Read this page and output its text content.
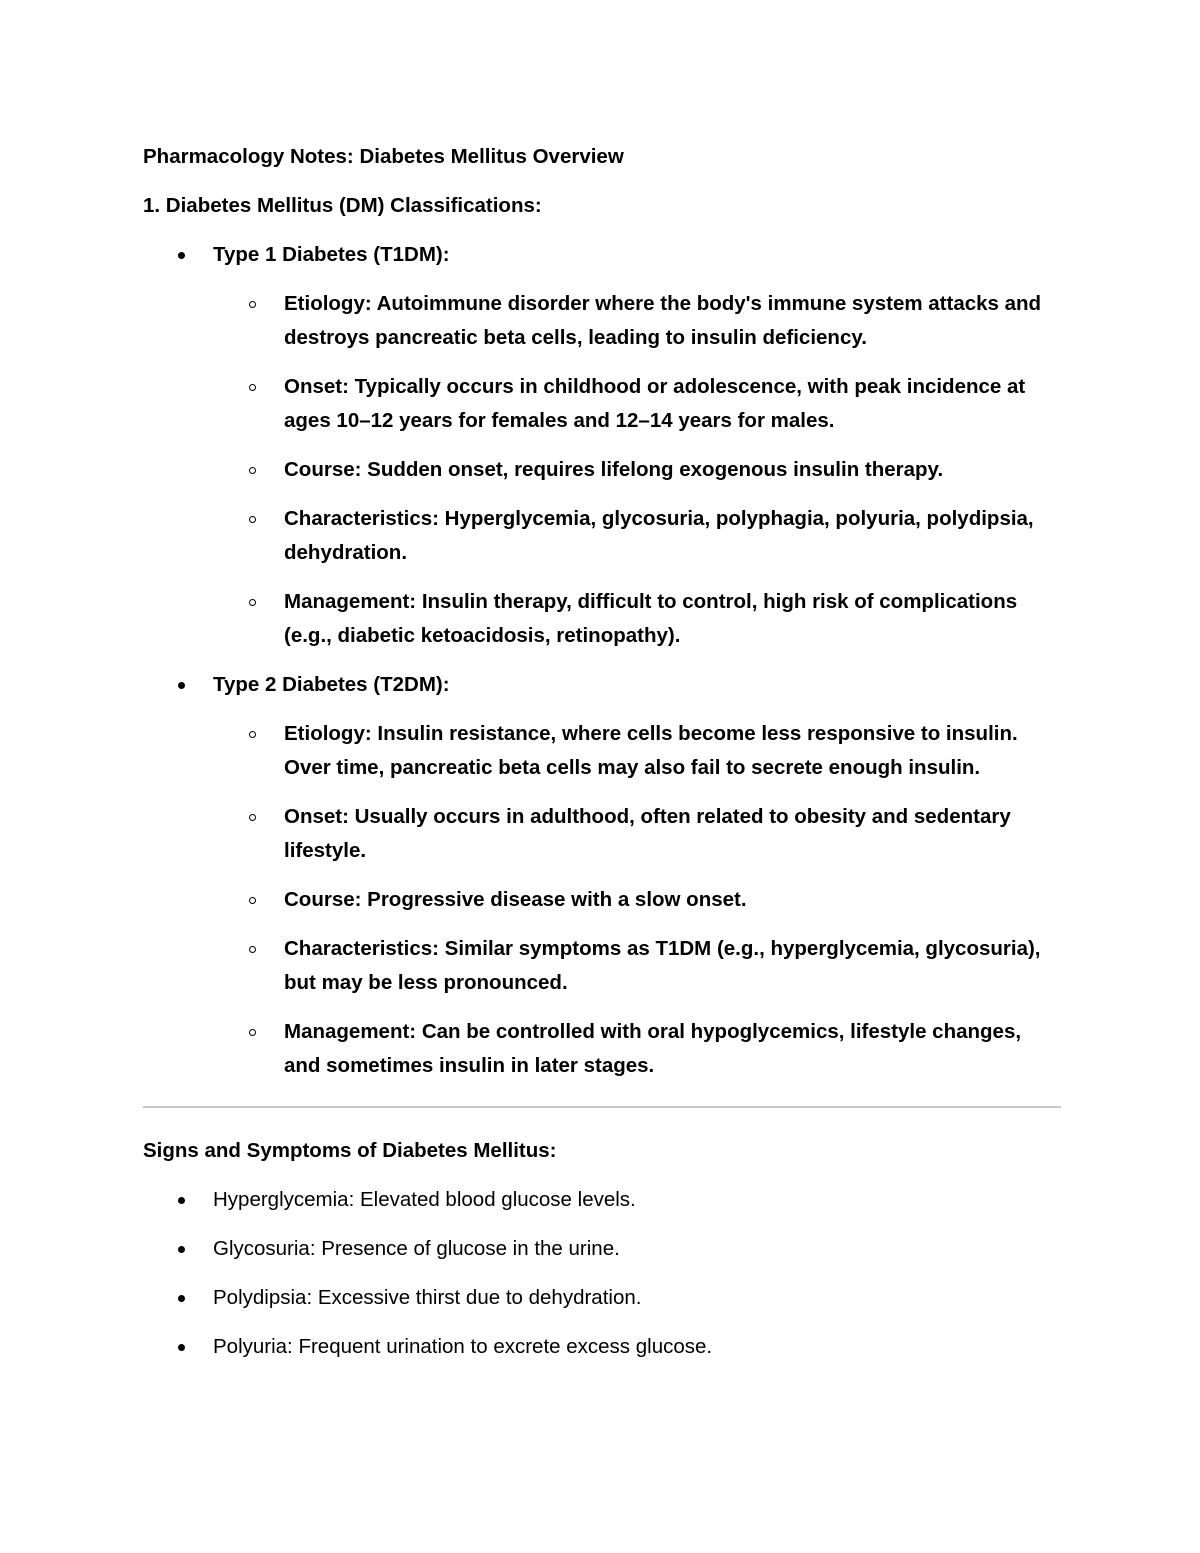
Pharmacology Notes: Diabetes Mellitus Overview

1. Diabetes Mellitus (DM) Classifications:

Type 1 Diabetes (T1DM):

Etiology: Autoimmune disorder where the body's immune system attacks and destroys pancreatic beta cells, leading to insulin deficiency.

Onset: Typically occurs in childhood or adolescence, with peak incidence at ages 10–12 years for females and 12–14 years for males.

Course: Sudden onset, requires lifelong exogenous insulin therapy.

Characteristics: Hyperglycemia, glycosuria, polyphagia, polyuria, polydipsia, dehydration.

Management: Insulin therapy, difficult to control, high risk of complications (e.g., diabetic ketoacidosis, retinopathy).

Type 2 Diabetes (T2DM):

Etiology: Insulin resistance, where cells become less responsive to insulin. Over time, pancreatic beta cells may also fail to secrete enough insulin.

Onset: Usually occurs in adulthood, often related to obesity and sedentary lifestyle.

Course: Progressive disease with a slow onset.

Characteristics: Similar symptoms as T1DM (e.g., hyperglycemia, glycosuria), but may be less pronounced.

Management: Can be controlled with oral hypoglycemics, lifestyle changes, and sometimes insulin in later stages.

Signs and Symptoms of Diabetes Mellitus:

Hyperglycemia: Elevated blood glucose levels.

Glycosuria: Presence of glucose in the urine.

Polydipsia: Excessive thirst due to dehydration.

Polyuria: Frequent urination to excrete excess glucose.
